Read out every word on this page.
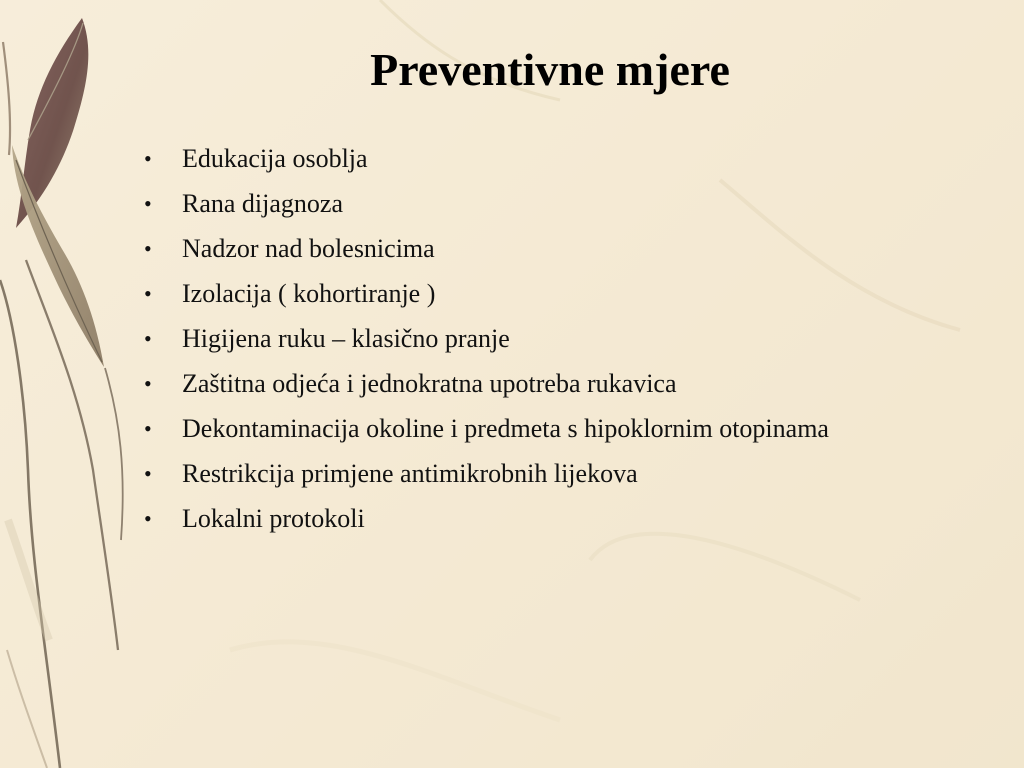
Preventivne mjere
• Edukacija osoblja
• Rana dijagnoza
• Nadzor nad bolesnicima
• Izolacija ( kohortiranje )
• Higijena ruku – klasično pranje
• Zaštitna odjeća i jednokratna upotreba rukavica
• Dekontaminacija okoline i predmeta s hipoklornim otopinama
• Restrikcija primjene antimikrobnih lijekova
• Lokalni protokoli
